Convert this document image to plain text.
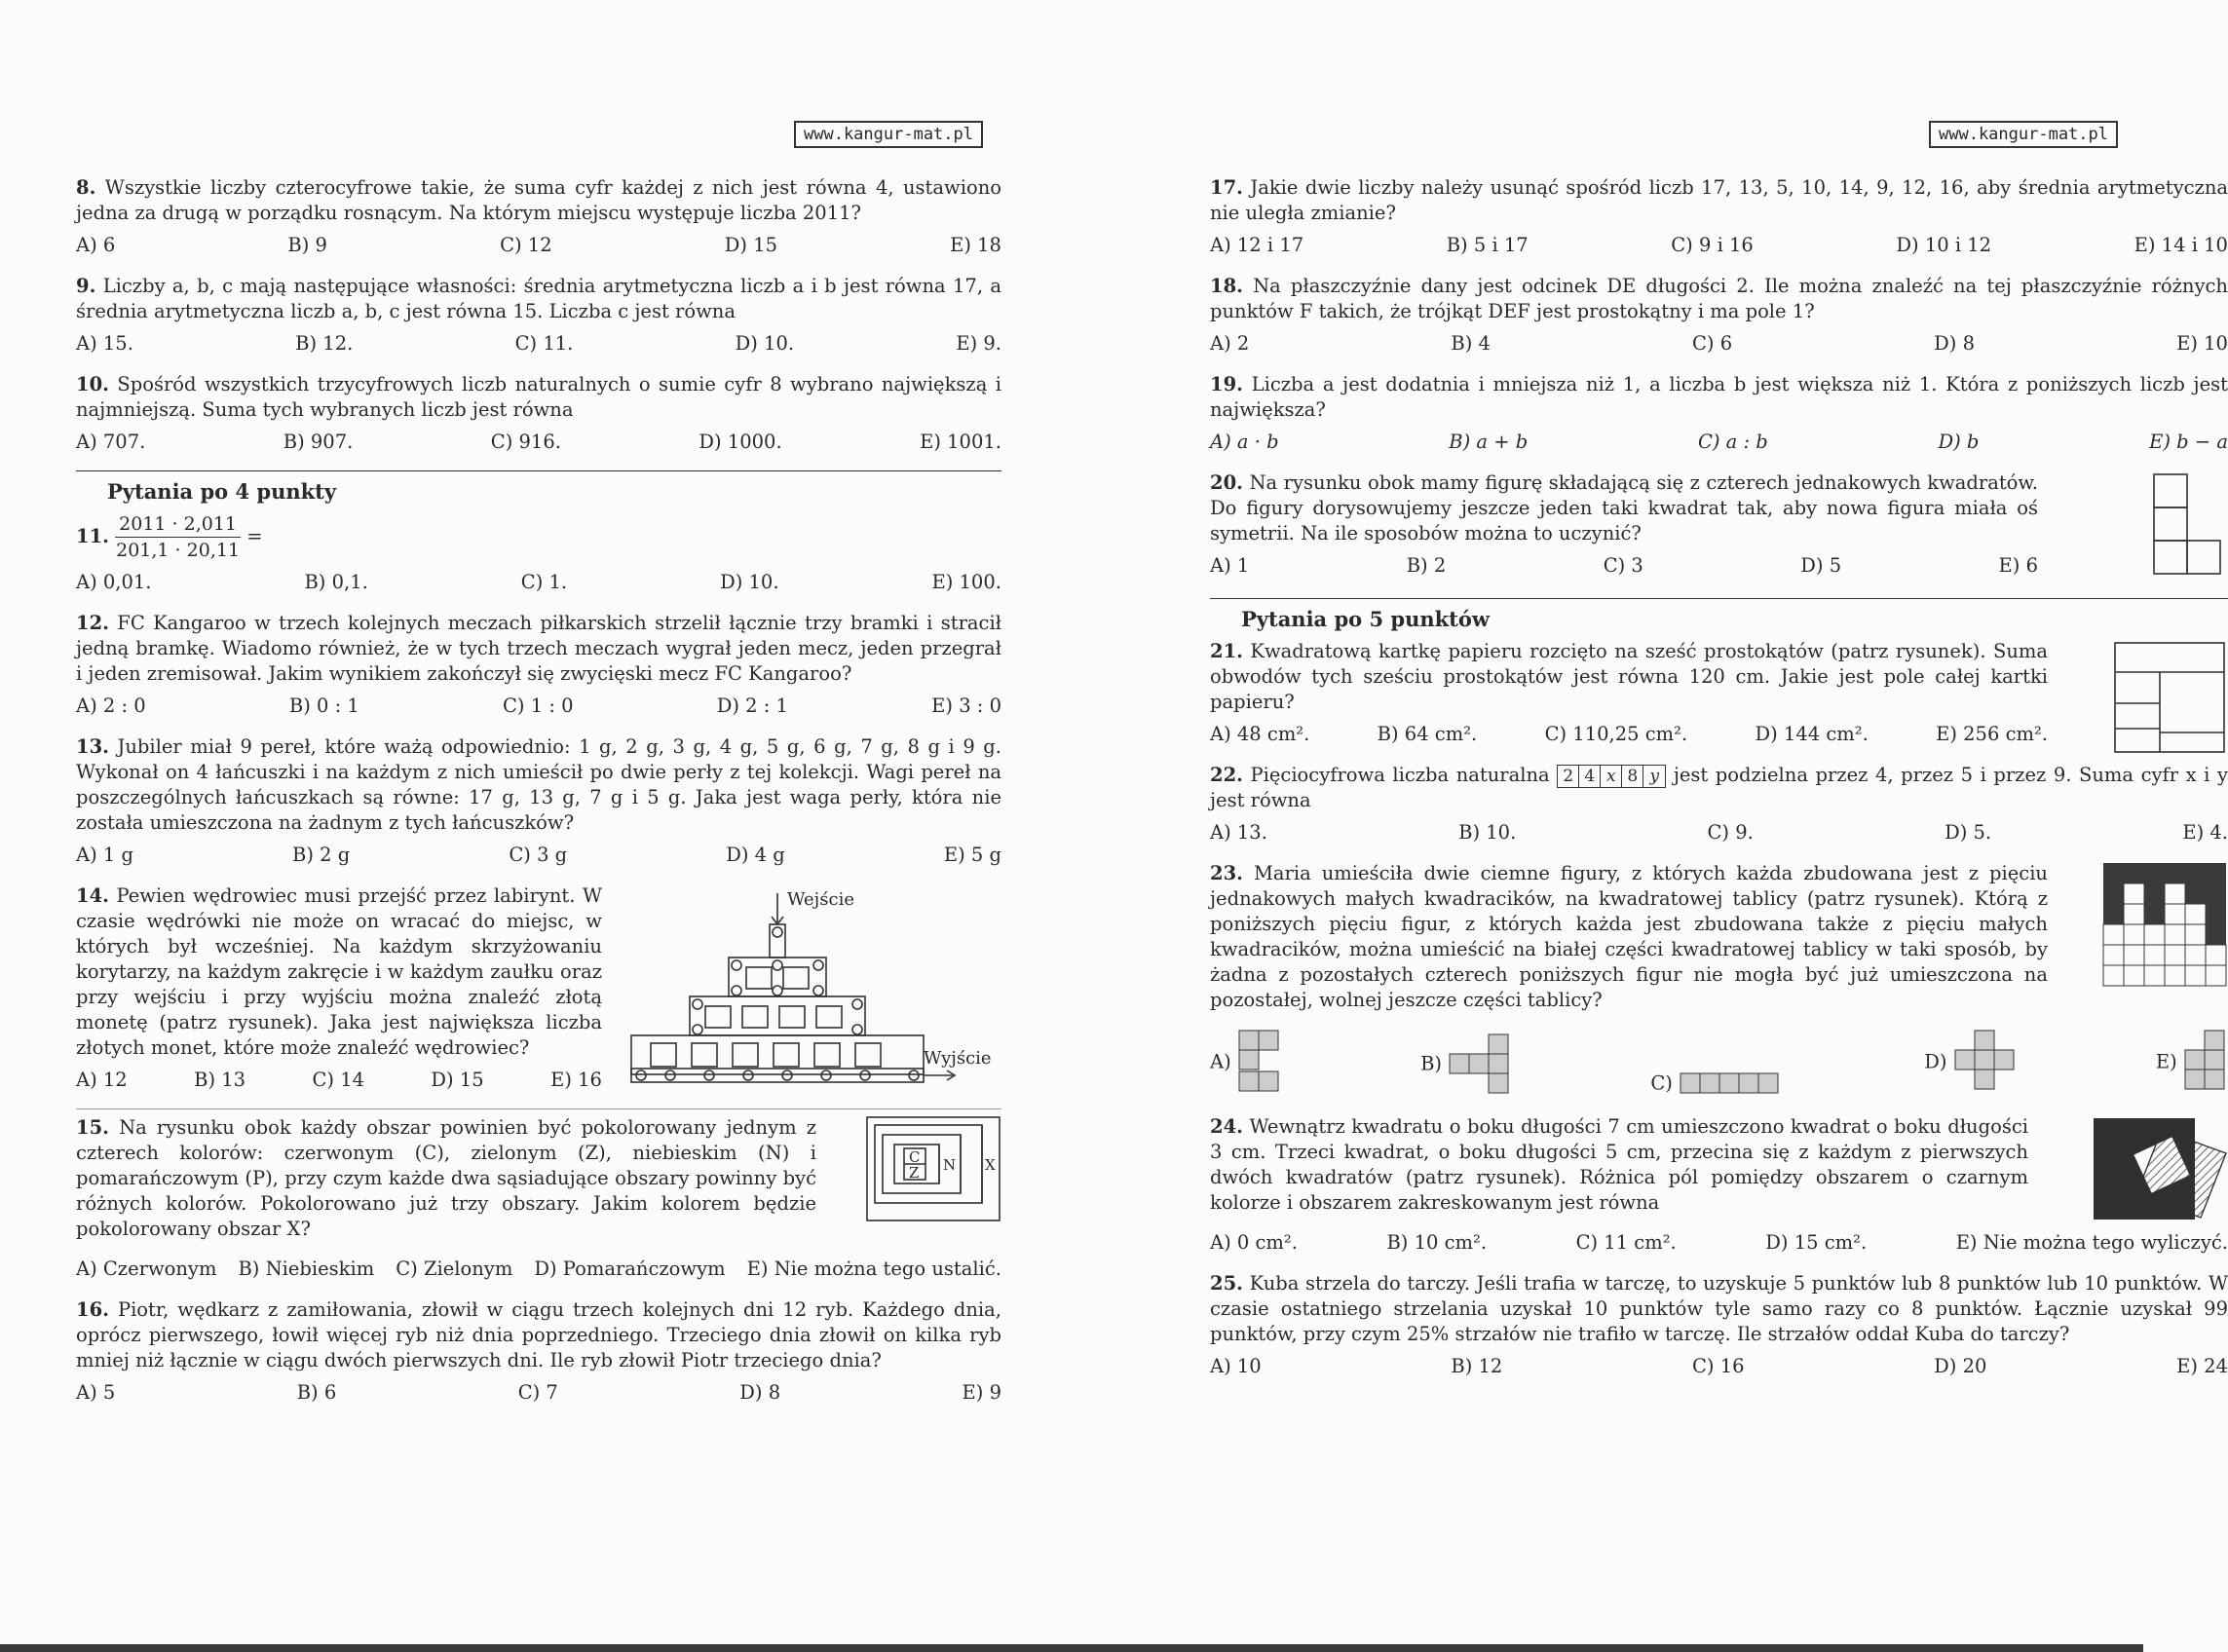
www.kangur-mat.pl
8. Wszystkie liczby czterocyfrowe takie, że suma cyfr każdej z nich jest równa 4, ustawiono jedna za drugą w porządku rosnącym. Na którym miejscu występuje liczba 2011?
A) 6	B) 9	C) 12	D) 15	E) 18
9. Liczby a, b, c mają następujące własności: średnia arytmetyczna liczb a i b jest równa 17, a średnia arytmetyczna liczb a, b, c jest równa 15. Liczba c jest równa
A) 15.	B) 12.	C) 11.	D) 10.	E) 9.
10. Spośród wszystkich trzycyfrowych liczb naturalnych o sumie cyfr 8 wybrano największą i najmniejszą. Suma tych wybranych liczb jest równa
A) 707.	B) 907.	C) 916.	D) 1000.	E) 1001.
Pytania po 4 punkty
11. $\frac{2011 \cdot 2,011}{201,1 \cdot 20,11}$ =
A) 0,01.	B) 0,1.	C) 1.	D) 10.	E) 100.
12. FC Kangaroo w trzech kolejnych meczach piłkarskich strzelił łącznie trzy bramki i stracił jedną bramkę. Wiadomo również, że w tych trzech meczach wygrał jeden mecz, jeden przegrał i jeden zremisował. Jakim wynikiem zakończył się zwycięski mecz FC Kangaroo?
A) 2 : 0	B) 0 : 1	C) 1 : 0	D) 2 : 1	E) 3 : 0
13. Jubiler miał 9 pereł, które ważą odpowiednio: 1 g, 2 g, 3 g, 4 g, 5 g, 6 g, 7 g, 8 g i 9 g. Wykonał on 4 łańcuszki i na każdym z nich umieścił po dwie perły z tej kolekcji. Wagi pereł na poszczególnych łańcuszkach są równe: 17 g, 13 g, 7 g i 5 g. Jaka jest waga perły, która nie została umieszczona na żadnym z tych łańcuszków?
A) 1 g	B) 2 g	C) 3 g	D) 4 g	E) 5 g
14. Pewien wędrowiec musi przejść przez labirynt. W czasie wędrówki nie może on wracać do miejsc, w których był wcześniej. Na każdym skrzyżowaniu korytarzy, na każdym zakręcie i w każdym zaułku oraz przy wejściu i przy wyjściu można znaleźć złotą monetę (patrz rysunek). Jaka jest największa liczba złotych monet, które może znaleźć wędrowiec?
A) 12	B) 13	C) 14	D) 15	E) 16
Wejście
Wyjście
15. Na rysunku obok każdy obszar powinien być pokolorowany jednym z czterech kolorów: czerwonym (C), zielonym (Z), niebieskim (N) i pomarańczowym (P), przy czym każde dwa sąsiadujące obszary powinny być różnych kolorów. Pokolorowano już trzy obszary. Jakim kolorem będzie pokolorowany obszar X?
C
Z N X
A) Czerwonym B) Niebieskim C) Zielonym D) Pomarańczowym E) Nie można tego ustalić.
16. Piotr, wędkarz z zamiłowania, złowił w ciągu trzech kolejnych dni 12 ryb. Każdego dnia, oprócz pierwszego, łowił więcej ryb niż dnia poprzedniego. Trzeciego dnia złowił on kilka ryb mniej niż łącznie w ciągu dwóch pierwszych dni. Ile ryb złowił Piotr trzeciego dnia?
A) 5	B) 6	C) 7	D) 8	E) 9
www.kangur-mat.pl
17. Jakie dwie liczby należy usunąć spośród liczb 17, 13, 5, 10, 14, 9, 12, 16, aby średnia arytmetyczna nie uległa zmianie?
A) 12 i 17	B) 5 i 17	C) 9 i 16	D) 10 i 12	E) 14 i 10
18. Na płaszczyźnie dany jest odcinek DE długości 2. Ile można znaleźć na tej płaszczyźnie różnych punktów F takich, że trójkąt DEF jest prostokątny i ma pole 1?
A) 2	B) 4	C) 6	D) 8	E) 10
19. Liczba a jest dodatnia i mniejsza niż 1, a liczba b jest większa niż 1. Która z poniższych liczb jest największa?
A) a · b	B) a + b	C) a : b	D) b	E) b − a
20. Na rysunku obok mamy figurę składającą się z czterech jednakowych kwadratów. Do figury dorysowujemy jeszcze jeden taki kwadrat tak, aby nowa figura miała oś symetrii. Na ile sposobów można to uczynić?
A) 1	B) 2	C) 3	D) 5	E) 6
Pytania po 5 punktów
21. Kwadratową kartkę papieru rozcięto na sześć prostokątów (patrz rysunek). Suma obwodów tych sześciu prostokątów jest równa 120 cm. Jakie jest pole całej kartki papieru?
A) 48 cm².	B) 64 cm².	C) 110,25 cm².	D) 144 cm².	E) 256 cm².
22. Pięciocyfrowa liczba naturalna 2 4 x 8 y jest podzielna przez 4, przez 5 i przez 9. Suma cyfr x i y jest równa
A) 13.	B) 10.	C) 9.	D) 5.	E) 4.
23. Maria umieściła dwie ciemne figury, z których każda zbudowana jest z pięciu jednakowych małych kwadracików, na kwadratowej tablicy (patrz rysunek). Którą z poniższych pięciu figur, z których każda jest zbudowana także z pięciu małych kwadracików, można umieścić na białej części kwadratowej tablicy w taki sposób, by żadna z pozostałych czterech poniższych figur nie mogła być już umieszczona na pozostałej, wolnej jeszcze części tablicy?
A)	B)
C)
D)	E)
24. Wewnątrz kwadratu o boku długości 7 cm umieszczono kwadrat o boku długości 3 cm. Trzeci kwadrat, o boku długości 5 cm, przecina się z każdym z pierwszych dwóch kwadratów (patrz rysunek). Różnica pól pomiędzy obszarem o czarnym kolorze i obszarem zakreskowanym jest równa
A) 0 cm².	B) 10 cm².	C) 11 cm².	D) 15 cm².	E) Nie można tego wyliczyć.
25. Kuba strzela do tarczy. Jeśli trafia w tarczę, to uzyskuje 5 punktów lub 8 punktów lub 10 punktów. W czasie ostatniego strzelania uzyskał 10 punktów tyle samo razy co 8 punktów. Łącznie uzyskał 99 punktów, przy czym 25% strzałów nie trafiło w tarczę. Ile strzałów oddał Kuba do tarczy?
A) 10	B) 12	C) 16	D) 20	E) 24
